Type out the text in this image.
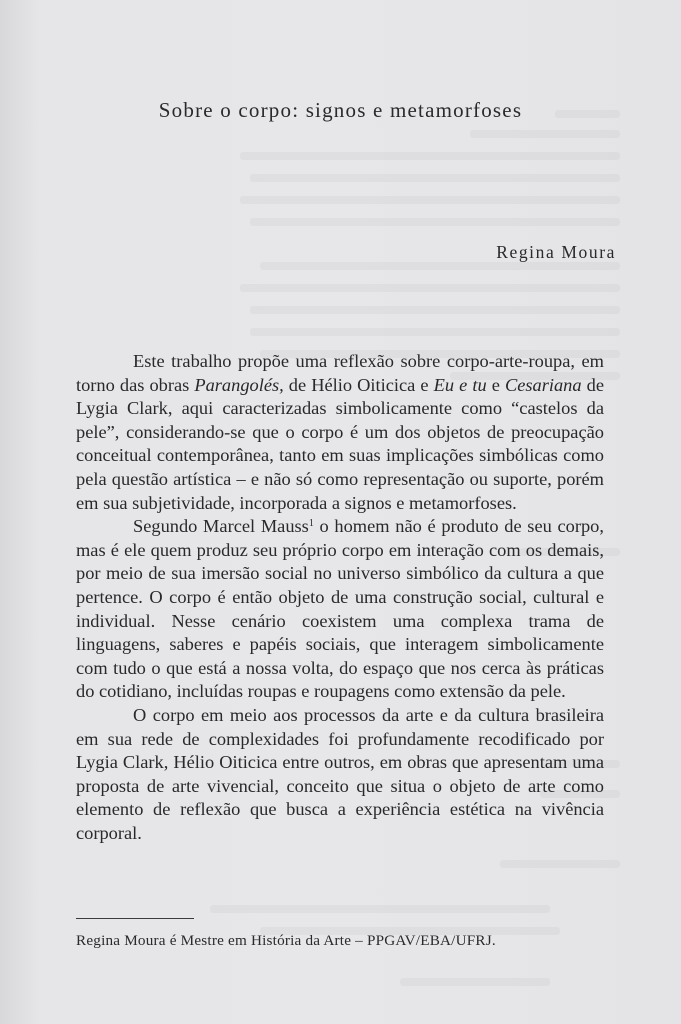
Sobre o corpo: signos e metamorfoses
Regina Moura

Este trabalho propõe uma reflexão sobre corpo-arte-roupa, em torno das obras Parangolés, de Hélio Oiticica e Eu e tu e Cesariana de Lygia Clark, aqui caracterizadas simbolicamente como “castelos da pele”, considerando-se que o corpo é um dos objetos de preocupação conceitual contemporânea, tanto em suas implicações simbólicas como pela questão artística – e não só como representação ou suporte, porém em sua subjetividade, incorporada a signos e metamorfoses.

Segundo Marcel Mauss$^1$ o homem não é produto de seu corpo, mas é ele quem produz seu próprio corpo em interação com os demais, por meio de sua imersão social no universo simbólico da cultura a que pertence. O corpo é então objeto de uma construção social, cultural e individual. Nesse cenário coexistem uma complexa trama de linguagens, saberes e papéis sociais, que interagem simbolicamente com tudo o que está a nossa volta, do espaço que nos cerca às práticas do cotidiano, incluídas roupas e roupagens como extensão da pele.

O corpo em meio aos processos da arte e da cultura brasileira em sua rede de complexidades foi profundamente recodificado por Lygia Clark, Hélio Oiticica entre outros, em obras que apresentam uma proposta de arte vivencial, conceito que situa o objeto de arte como elemento de reflexão que busca a experiência estética na vivência corporal.

Regina Moura é Mestre em História da Arte – PPGAV/EBA/UFRJ.
